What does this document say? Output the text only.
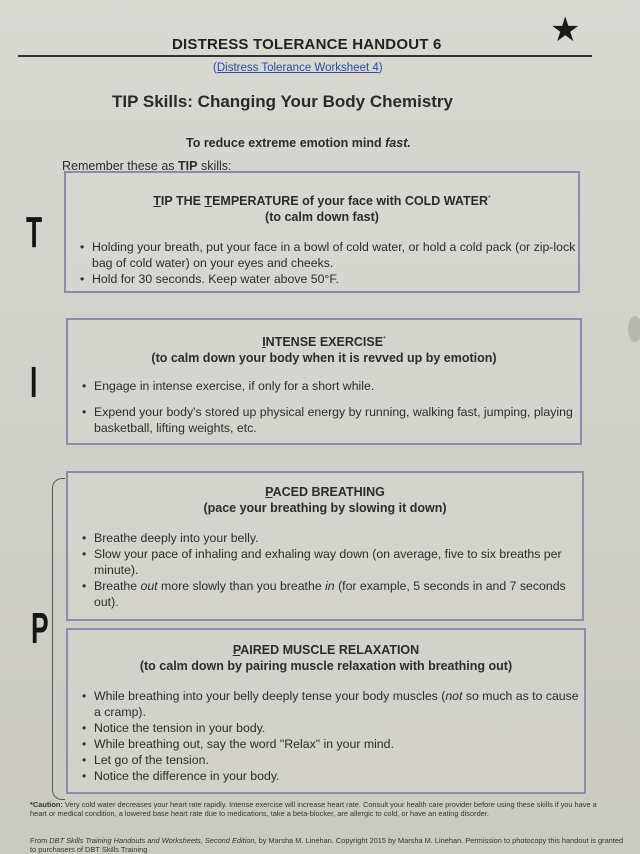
DISTRESS TOLERANCE HANDOUT 6	★
(Distress Tolerance Worksheet 4)
TIP Skills: Changing Your Body Chemistry
To reduce extreme emotion mind fast.
Remember these as TIP skills:
T
I
P
TIP THE TEMPERATURE of your face with COLD WATER*
(to calm down fast)
• Holding your breath, put your face in a bowl of cold water, or hold a cold pack (or zip-lock bag of cold water) on your eyes and cheeks.
• Hold for 30 seconds. Keep water above 50°F.
INTENSE EXERCISE*
(to calm down your body when it is revved up by emotion)
• Engage in intense exercise, if only for a short while.
• Expend your body's stored up physical energy by running, walking fast, jumping, playing basketball, lifting weights, etc.
PACED BREATHING
(pace your breathing by slowing it down)
• Breathe deeply into your belly.
• Slow your pace of inhaling and exhaling way down (on average, five to six breaths per minute).
• Breathe out more slowly than you breathe in (for example, 5 seconds in and 7 seconds out).
PAIRED MUSCLE RELAXATION
(to calm down by pairing muscle relaxation with breathing out)
• While breathing into your belly deeply tense your body muscles (not so much as to cause a cramp).
• Notice the tension in your body.
• While breathing out, say the word "Relax" in your mind.
• Let go of the tension.
• Notice the difference in your body.
*Caution: Very cold water decreases your heart rate rapidly. Intense exercise will increase heart rate. Consult your health care provider before using these skills if you have a heart or medical condition, a lowered base heart rate due to medications, take a beta-blocker, are allergic to cold, or have an eating disorder.
From DBT Skills Training Handouts and Worksheets, Second Edition, by Marsha M. Linehan. Copyright 2015 by Marsha M. Linehan. Permission to photocopy this handout is granted to purchasers of DBT Skills Training
